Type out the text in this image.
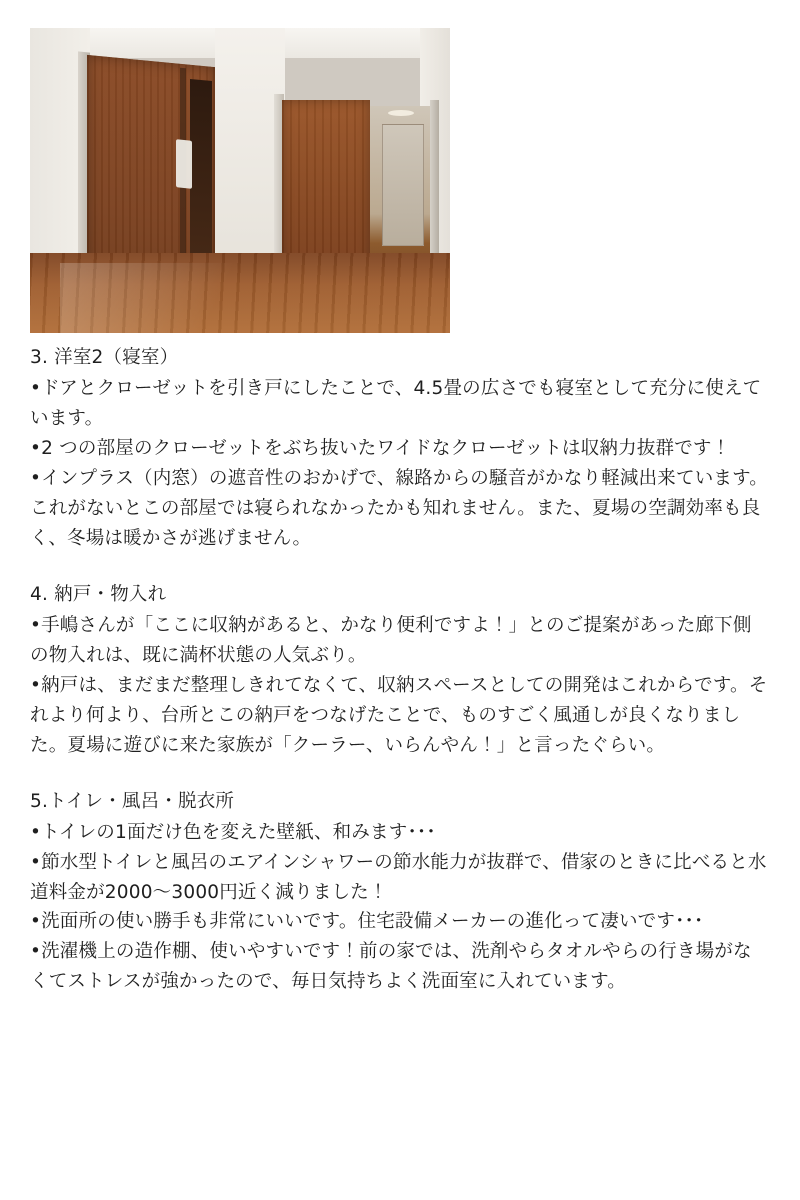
3. 洋室2（寝室）

•ドアとクローゼットを引き戸にしたことで、4.5畳の広さでも寝室として充分に使えています。

•2 つの部屋のクローゼットをぶち抜いたワイドなクローゼットは収納力抜群です！

•インプラス（内窓）の遮音性のおかげで、線路からの騒音がかなり軽減出来ています。これがないとこの部屋では寝られなかったかも知れません。また、夏場の空調効率も良く、冬場は暖かさが逃げません。

4. 納戸・物入れ

•手嶋さんが「ここに収納があると、かなり便利ですよ！」とのご提案があった廊下側の物入れは、既に満杯状態の人気ぶり。

•納戸は、まだまだ整理しきれてなくて、収納スペースとしての開発はこれからです。それより何より、台所とこの納戸をつなげたことで、ものすごく風通しが良くなりました。夏場に遊びに来た家族が「クーラー、いらんやん！」と言ったぐらい。

5.トイレ・風呂・脱衣所

•トイレの1面だけ色を変えた壁紙、和みます･･･

•節水型トイレと風呂のエアインシャワーの節水能力が抜群で、借家のときに比べると水道料金が2000〜3000円近く減りました！

•洗面所の使い勝手も非常にいいです。住宅設備メーカーの進化って凄いです･･･

•洗濯機上の造作棚、使いやすいです！前の家では、洗剤やらタオルやらの行き場がなくてストレスが強かったので、毎日気持ちよく洗面室に入れています。
